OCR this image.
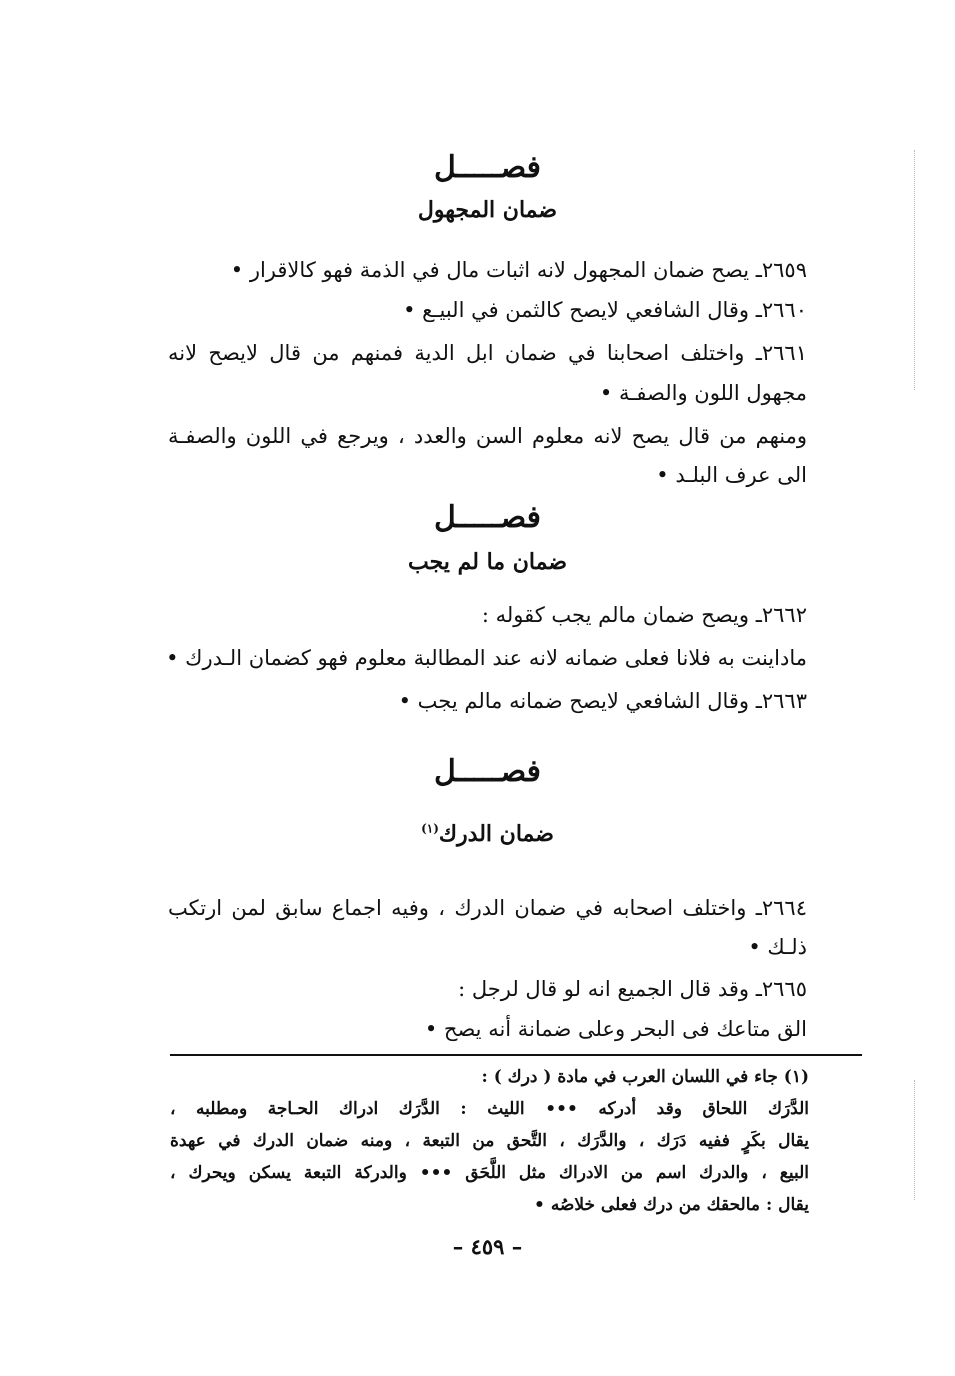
فصـــــل
ضمان المجهول
٢٦٥٩ـ يصح ضمان المجهول لانه اثبات مال في الذمة فهو كالاقرار •
٢٦٦٠ـ وقال الشافعي لايصح كالثمن في البيـع •
٢٦٦١ـ واختلف اصحابنا في ضمان ابل الدية فمنهم من قال لايصح لانه
مجهول اللون والصفـة •
ومنهم من قال يصح لانه معلوم السن والعدد ، ويرجع في اللون والصفـة
الى عرف البلـد •
فصـــــل
ضمان ما لم يجب
٢٦٦٢ـ ويصح ضمان مالم يجب كقوله :
ماداينت به فلانا فعلى ضمانه لانه عند المطالبة معلوم فهو كضمان الـدرك •
٢٦٦٣ـ وقال الشافعي لايصح ضمانه مالم يجب •
فصـــــل
ضمان الدرك$^{(١)}$
٢٦٦٤ـ واختلف اصحابه في ضمان الدرك ، وفيه اجماع سابق لمن ارتكب
ذلـك •
٢٦٦٥ـ وقد قال الجميع انه لو قال لرجل :
الق متاعك فى البحر وعلى ضمانة أنه يصح •
(١) جاء في اللسان العرب في مادة ( درك ) :
الدَّرَك اللحاق وقد أدركه ••• الليث : الدَّرَك ادراك الحـاجة ومطلبه ،
يقال بكَرٍ ففيه دَرَك ، والدَّرَك ، التَّحق من التبعة ، ومنه ضمان الدرك في عهدة
البيع ، والدرك اسم من الادراك مثل اللَّحَق ••• والدركة التبعة يسكن ويحرك ،
يقال : مالحقك من درك فعلى خلاصُه •
– ٤٥٩ –
